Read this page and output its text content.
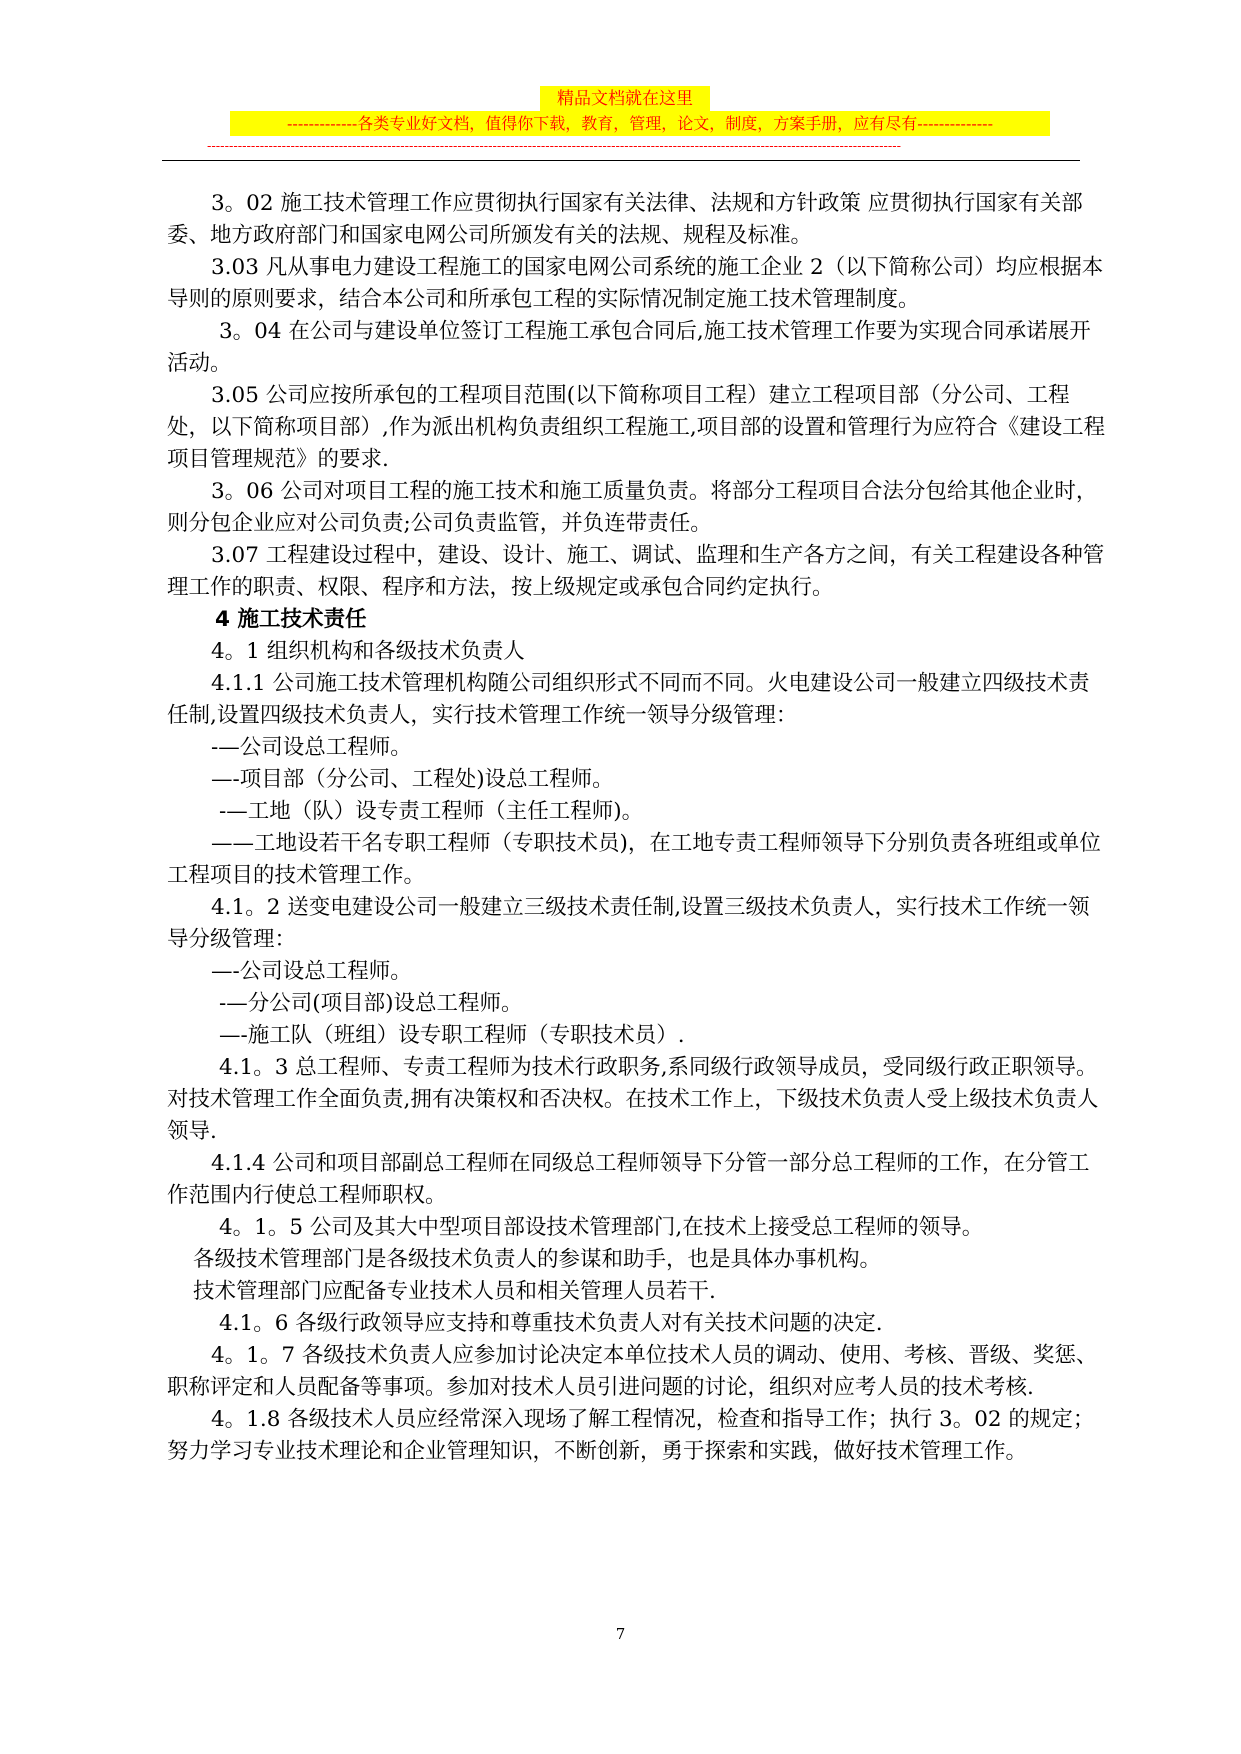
精品文档就在这里
-------------各类专业好文档，值得你下载，教育，管理，论文，制度，方案手册，应有尽有--------------
--------------------------------------------------------------------------------------------------------------------------------------------------------------

3。02 施工技术管理工作应贯彻执行国家有关法律、法规和方针政策 应贯彻执行国家有关部委、地方政府部门和国家电网公司所颁发有关的法规、规程及标准。

3.03 凡从事电力建设工程施工的国家电网公司系统的施工企业 2（以下简称公司）均应根据本导则的原则要求，结合本公司和所承包工程的实际情况制定施工技术管理制度。

3。04 在公司与建设单位签订工程施工承包合同后,施工技术管理工作要为实现合同承诺展开活动。

3.05 公司应按所承包的工程项目范围(以下简称项目工程）建立工程项目部（分公司、工程处，以下简称项目部）,作为派出机构负责组织工程施工,项目部的设置和管理行为应符合《建设工程项目管理规范》的要求.

3。06 公司对项目工程的施工技术和施工质量负责。将部分工程项目合法分包给其他企业时，则分包企业应对公司负责;公司负责监管，并负连带责任。

3.07 工程建设过程中，建设、设计、施工、调试、监理和生产各方之间，有关工程建设各种管理工作的职责、权限、程序和方法，按上级规定或承包合同约定执行。

4 施工技术责任

4。1 组织机构和各级技术负责人

4.1.1 公司施工技术管理机构随公司组织形式不同而不同。火电建设公司一般建立四级技术责任制,设置四级技术负责人，实行技术管理工作统一领导分级管理：

-—公司设总工程师。

—-项目部（分公司、工程处)设总工程师。

-—工地（队）设专责工程师（主任工程师)。

——工地设若干名专职工程师（专职技术员)，在工地专责工程师领导下分别负责各班组或单位工程项目的技术管理工作。

4.1。2 送变电建设公司一般建立三级技术责任制,设置三级技术负责人，实行技术工作统一领导分级管理：

—-公司设总工程师。

-—分公司(项目部)设总工程师。

—-施工队（班组）设专职工程师（专职技术员）.

4.1。3 总工程师、专责工程师为技术行政职务,系同级行政领导成员，受同级行政正职领导。对技术管理工作全面负责,拥有决策权和否决权。在技术工作上，下级技术负责人受上级技术负责人领导.

4.1.4 公司和项目部副总工程师在同级总工程师领导下分管一部分总工程师的工作，在分管工作范围内行使总工程师职权。

4。1。5 公司及其大中型项目部设技术管理部门,在技术上接受总工程师的领导。

各级技术管理部门是各级技术负责人的参谋和助手，也是具体办事机构。

技术管理部门应配备专业技术人员和相关管理人员若干.

4.1。6 各级行政领导应支持和尊重技术负责人对有关技术问题的决定.

4。1。7 各级技术负责人应参加讨论决定本单位技术人员的调动、使用、考核、晋级、奖惩、职称评定和人员配备等事项。参加对技术人员引进问题的讨论，组织对应考人员的技术考核.

4。1.8 各级技术人员应经常深入现场了解工程情况，检查和指导工作；执行 3。02 的规定；努力学习专业技术理论和企业管理知识，不断创新，勇于探索和实践，做好技术管理工作。

7
